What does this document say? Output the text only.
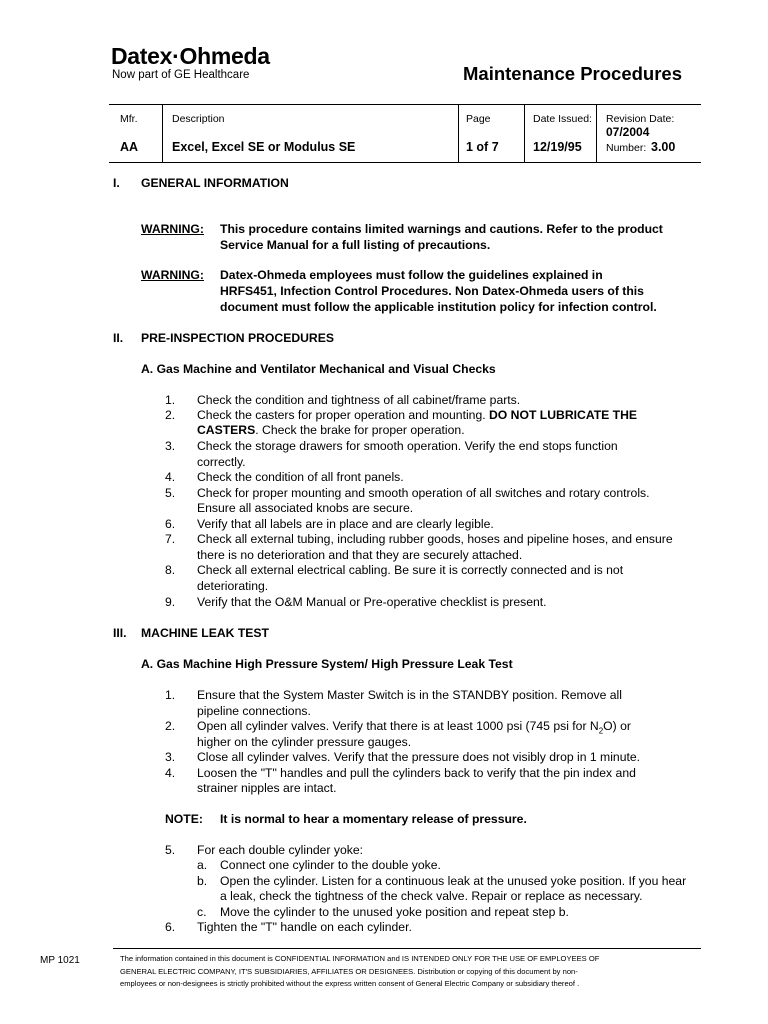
Datex·Ohmeda
Now part of GE Healthcare	Maintenance Procedures
Mfr.
AA
Description
Excel, Excel SE or Modulus SE
Page
1 of 7
Date Issued:
12/19/95
Revision Date:
07/2004
Number: 3.00
I. GENERAL INFORMATION
WARNING: This procedure contains limited warnings and cautions. Refer to the product
Service Manual for a full listing of precautions.
WARNING: Datex-Ohmeda employees must follow the guidelines explained in
HRFS451, Infection Control Procedures. Non Datex-Ohmeda users of this
document must follow the applicable institution policy for infection control.
II. PRE-INSPECTION PROCEDURES
A. Gas Machine and Ventilator Mechanical and Visual Checks
1. Check the condition and tightness of all cabinet/frame parts.
2. Check the casters for proper operation and mounting. DO NOT LUBRICATE THE
CASTERS. Check the brake for proper operation.
3. Check the storage drawers for smooth operation. Verify the end stops function
correctly.
4. Check the condition of all front panels.
5. Check for proper mounting and smooth operation of all switches and rotary controls.
Ensure all associated knobs are secure.
6. Verify that all labels are in place and are clearly legible.
7. Check all external tubing, including rubber goods, hoses and pipeline hoses, and ensure
there is no deterioration and that they are securely attached.
8. Check all external electrical cabling. Be sure it is correctly connected and is not
deteriorating.
9. Verify that the O&M Manual or Pre-operative checklist is present.
III. MACHINE LEAK TEST
A. Gas Machine High Pressure System/ High Pressure Leak Test
1. Ensure that the System Master Switch is in the STANDBY position. Remove all
pipeline connections.
2. Open all cylinder valves. Verify that there is at least 1000 psi (745 psi for $N_2O$) or
higher on the cylinder pressure gauges.
3. Close all cylinder valves. Verify that the pressure does not visibly drop in 1 minute.
4. Loosen the "T" handles and pull the cylinders back to verify that the pin index and
strainer nipples are intact.
NOTE: It is normal to hear a momentary release of pressure.
5. For each double cylinder yoke:
a. Connect one cylinder to the double yoke.
b. Open the cylinder. Listen for a continuous leak at the unused yoke position. If you hear
a leak, check the tightness of the check valve. Repair or replace as necessary.
c. Move the cylinder to the unused yoke position and repeat step b.
6. Tighten the "T" handle on each cylinder.
MP 1021	The information contained in this document is CONFIDENTIAL INFORMATION and IS INTENDED ONLY FOR THE USE OF EMPLOYEES OF
GENERAL ELECTRIC COMPANY, IT'S SUBSIDIARIES, AFFILIATES OR DESIGNEES. Distribution or copying of this document by non-
employees or non-designees is strictly prohibited without the express written consent of General Electric Company or subsidiary thereof .
